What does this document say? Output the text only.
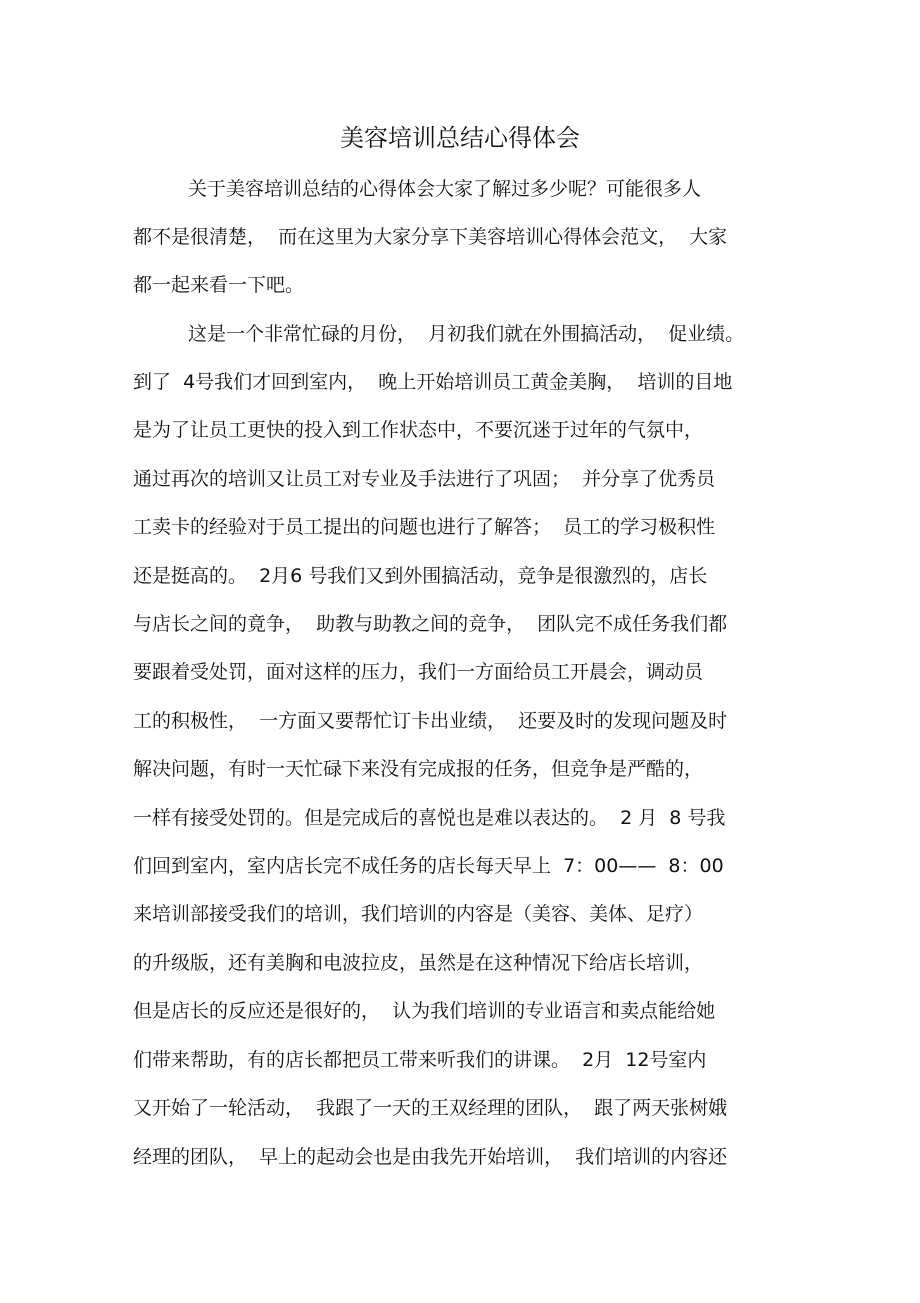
美容培训总结心得体会
关于美容培训总结的心得体会大家了解过多少呢？可能很多人
都不是很清楚，  而在这里为大家分享下美容培训心得体会范文，  大家
都一起来看一下吧。
这是一个非常忙碌的月份，  月初我们就在外围搞活动，  促业绩。
到了  4号我们才回到室内，  晚上开始培训员工黄金美胸，  培训的目地
是为了让员工更快的投入到工作状态中，不要沉迷于过年的气氛中，
通过再次的培训又让员工对专业及手法进行了巩固；  并分享了优秀员
工卖卡的经验对于员工提出的问题也进行了解答；  员工的学习极积性
还是挺高的。  2月6 号我们又到外围搞活动，竞争是很激烈的，店长
与店长之间的竟争，  助教与助教之间的竞争，  团队完不成任务我们都
要跟着受处罚，面对这样的压力，我们一方面给员工开晨会，调动员
工的积极性，  一方面又要帮忙订卡出业绩，  还要及时的发现问题及时
解决问题，有时一天忙碌下来没有完成报的任务，但竞争是严酷的，
一样有接受处罚的。但是完成后的喜悦也是难以表达的。  2 月  8 号我
们回到室内，室内店长完不成任务的店长每天早上  7：00——  8：00
来培训部接受我们的培训，我们培训的内容是（美容、美体、足疗）
的升级版，还有美胸和电波拉皮，虽然是在这种情况下给店长培训，
但是店长的反应还是很好的，  认为我们培训的专业语言和卖点能给她
们带来帮助，有的店长都把员工带来听我们的讲课。  2月  12号室内
又开始了一轮活动，  我跟了一天的王双经理的团队，  跟了两天张树娥
经理的团队，  早上的起动会也是由我先开始培训，  我们培训的内容还
